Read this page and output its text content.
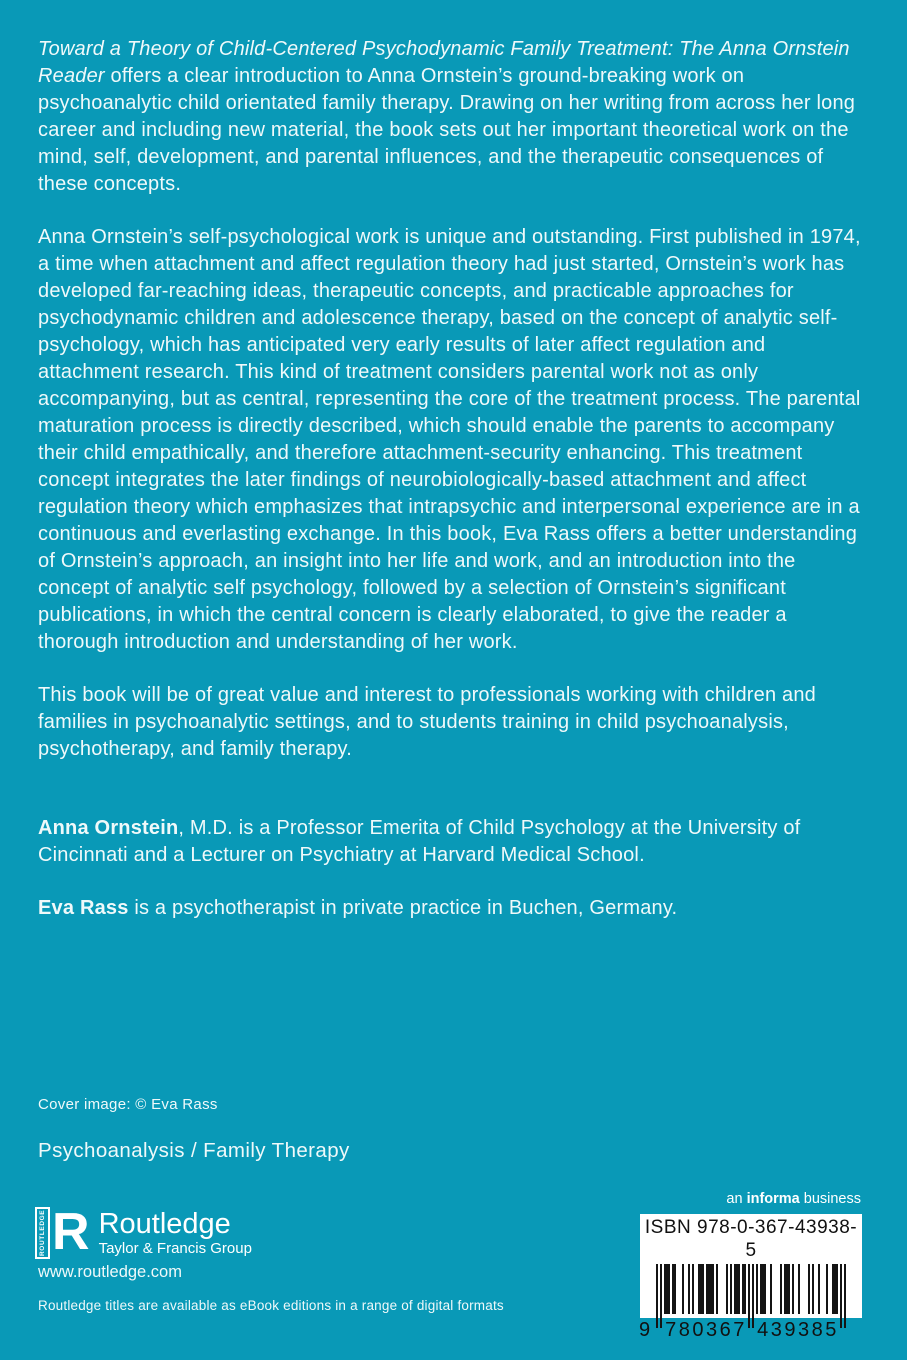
Toward a Theory of Child-Centered Psychodynamic Family Treatment: The Anna Ornstein Reader offers a clear introduction to Anna Ornstein’s ground-breaking work on psychoanalytic child orientated family therapy. Drawing on her writing from across her long career and including new material, the book sets out her important theoretical work on the mind, self, development, and parental influences, and the therapeutic consequences of these concepts.

Anna Ornstein’s self-psychological work is unique and outstanding. First published in 1974, a time when attachment and affect regulation theory had just started, Ornstein’s work has developed far-reaching ideas, therapeutic concepts, and practicable approaches for psychodynamic children and adolescence therapy, based on the concept of analytic self-psychology, which has anticipated very early results of later affect regulation and attachment research. This kind of treatment considers parental work not as only accompanying, but as central, representing the core of the treatment process. The parental maturation process is directly described, which should enable the parents to accompany their child empathically, and therefore attachment-security enhancing. This treatment concept integrates the later findings of neurobiologically-based attachment and affect regulation theory which emphasizes that intrapsychic and interpersonal experience are in a continuous and everlasting exchange. In this book, Eva Rass offers a better understanding of Ornstein’s approach, an insight into her life and work, and an introduction into the concept of analytic self psychology, followed by a selection of Ornstein’s significant publications, in which the central concern is clearly elaborated, to give the reader a thorough introduction and understanding of her work.

This book will be of great value and interest to professionals working with children and families in psychoanalytic settings, and to students training in child psychoanalysis, psychotherapy, and family therapy.

Anna Ornstein, M.D. is a Professor Emerita of Child Psychology at the University of Cincinnati and a Lecturer on Psychiatry at Harvard Medical School.

Eva Rass is a psychotherapist in private practice in Buchen, Germany.

Cover image: © Eva Rass
Psychoanalysis / Family Therapy
ROUTLEDGE R Routledge
Taylor & Francis Group
www.routledge.com
Routledge titles are available as eBook editions in a range of digital formats
an informa business
ISBN 978-0-367-43938-5
9 780367 439385
